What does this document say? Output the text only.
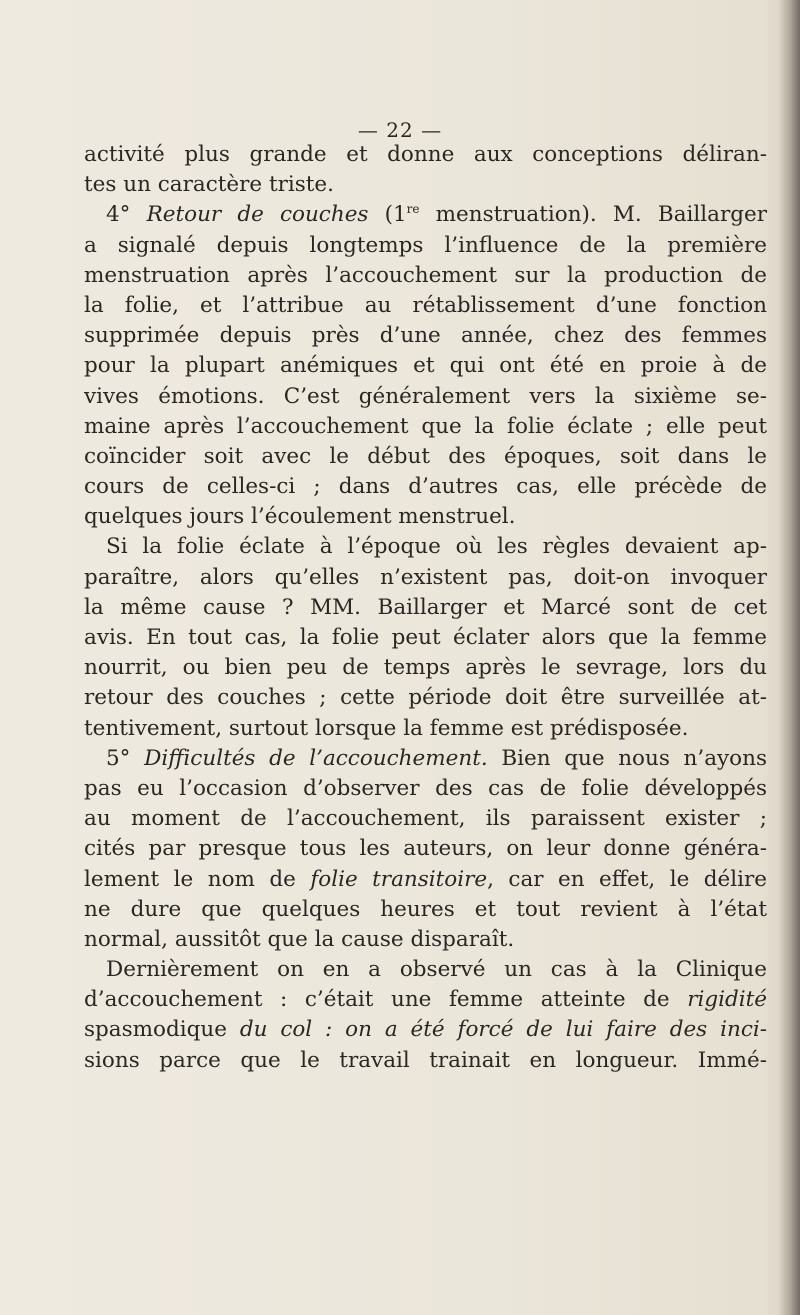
— 22 —
activité plus grande et donne aux conceptions déliran-
tes un caractère triste.
4° Retour de couches (1re menstruation). M. Baillarger
a signalé depuis longtemps l’influence de la première
menstruation après l’accouchement sur la production de
la folie, et l’attribue au rétablissement d’une fonction
supprimée depuis près d’une année, chez des femmes
pour la plupart anémiques et qui ont été en proie à de
vives émotions. C’est généralement vers la sixième se-
maine après l’accouchement que la folie éclate ; elle peut
coïncider soit avec le début des époques, soit dans le
cours de celles-ci ; dans d’autres cas, elle précède de
quelques jours l’écoulement menstruel.
Si la folie éclate à l’époque où les règles devaient ap-
paraître, alors qu’elles n’existent pas, doit-on invoquer
la même cause ? MM. Baillarger et Marcé sont de cet
avis. En tout cas, la folie peut éclater alors que la femme
nourrit, ou bien peu de temps après le sevrage, lors du
retour des couches ; cette période doit être surveillée at-
tentivement, surtout lorsque la femme est prédisposée.
5° Difficultés de l’accouchement. Bien que nous n’ayons
pas eu l’occasion d’observer des cas de folie développés
au moment de l’accouchement, ils paraissent exister ;
cités par presque tous les auteurs, on leur donne généra-
lement le nom de folie transitoire, car en effet, le délire
ne dure que quelques heures et tout revient à l’état
normal, aussitôt que la cause disparaît.
Dernièrement on en a observé un cas à la Clinique
d’accouchement : c’était une femme atteinte de rigidité
spasmodique du col : on a été forcé de lui faire des inci-
sions parce que le travail trainait en longueur. Immé-
